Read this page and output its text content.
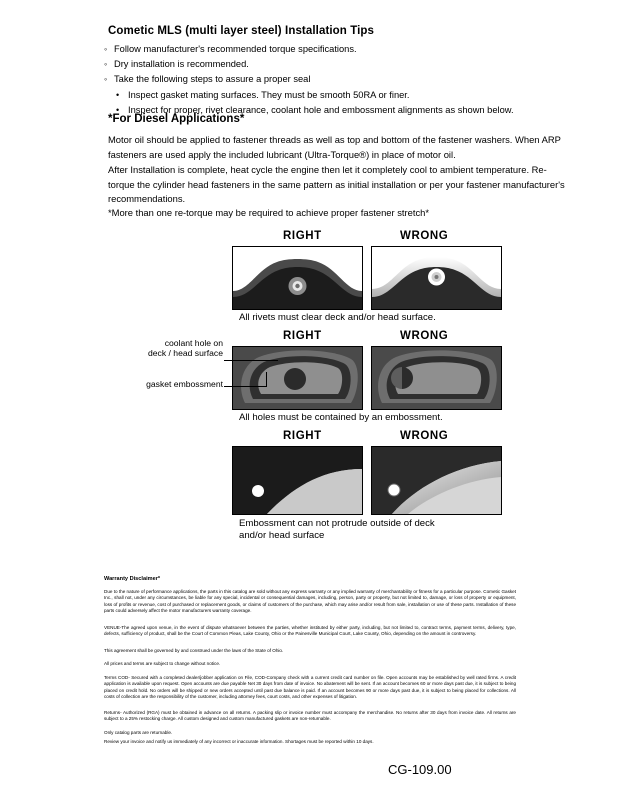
Cometic MLS (multi layer steel) Installation Tips
◦ Follow manufacturer's recommended torque specifications.
◦ Dry installation is recommended.
◦ Take the following steps to assure a proper seal
• Inspect gasket mating surfaces. They must be smooth 50RA or finer.
• Inspect for proper, rivet clearance, coolant hole and embossment alignments as shown below.
*For Diesel Applications*
Motor oil should be applied to fastener threads as well as top and bottom of the fastener washers. When ARP fasteners are used apply the included lubricant (Ultra-Torque®) in place of motor oil.
After Installation is complete, heat cycle the engine then let it completely cool to ambient temperature. Re-torque the cylinder head fasteners in the same pattern as initial installation or per your fastener manufacturer's recommendations.
*More than one re-torque may be required to achieve proper fastener stretch*
RIGHT	WRONG
All rivets must clear deck and/or head surface.
RIGHT	WRONG
coolant hole on
deck / head surface
gasket embossment
All holes must be contained by an embossment.
RIGHT	WRONG
Embossment can not protrude outside of deck
and/or head surface
Warranty Disclaimer*
Due to the nature of performance applications, the parts in this catalog are sold without any express warranty or any implied warranty of merchantability or fitness for a particular purpose. Cometic Gasket Inc., shall not, under any circumstances, be liable for any special, incidental or consequential damages, including, person, party or property, but not limited to, damage, or loss of property or equipment, loss of profits or revenue, cost of purchased or replacement goods, or claims of customers of the purchase, which may arise and/or result from sale, installation or use of these parts. Installation of these parts could adversely affect the motor manufacturers warranty coverage.
VENUE-The agreed upon venue, in the event of dispute whatsoever between the parties, whether instituted by either party, including, but not limited to, contract terms, payment terms, delivery, type, defects, sufficiency of product, shall be the Court of Common Pleas, Lake County, Ohio or the Painesville Municipal Court, Lake County, Ohio, depending on the amount in controversy.
This agreement shall be governed by and construed under the laws of the State of Ohio.
All prices and terms are subject to change without notice.
Terms COD- Secured with a completed dealer/jobber application on File, COD-Company check with a current credit card number on file. Open accounts may be established by well rated firms. A credit application is available upon request. Open accounts are due payable Net 30 days from date of invoice. No abatement will be sent. If an account becomes 60 or more days past due, it is subject to being placed on credit hold. No orders will be shipped or new orders accepted until past due balance is paid. If an account becomes 90 or more days past due, it is subject to being placed for collections. All costs of collection are the responsibility of the customer, including attorney fees, court costs, and other expenses of litigation.
Returns- Authorized (RGA) must be obtained in advance on all returns. A packing slip or invoice number must accompany the merchandise. No returns after 30 days from invoice date. All returns are subject to a 25% restocking charge. All custom designed and custom manufactured gaskets are non-returnable.
Only catalog parts are returnable.
Review your invoice and notify us immediately of any incorrect or inaccurate information. Shortages must be reported within 10 days.
CG-109.00
